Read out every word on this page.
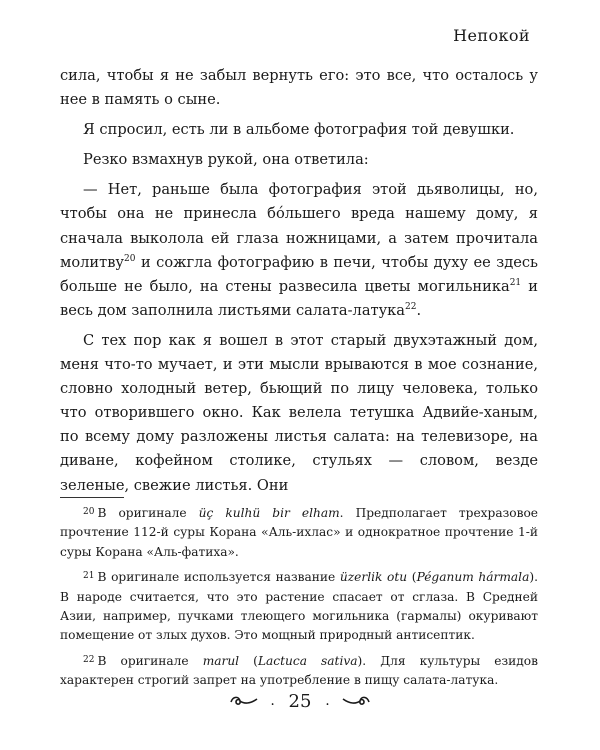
Непокой

сила, чтобы я не забыл вернуть его: это все, что осталось у нее в память о сыне.

Я спросил, есть ли в альбоме фотография той девушки.

Резко взмахнув рукой, она ответила:

— Нет, раньше была фотография этой дьяволицы, но, чтобы она не принесла бóльшего вреда нашему дому, я сначала выколола ей глаза ножницами, а затем прочитала молитву$^{20}$ и сожгла фотографию в печи, чтобы духу ее здесь больше не было, на стены развесила цветы могильника$^{21}$ и весь дом заполнила листьями салата-латука$^{22}$.

С тех пор как я вошел в этот старый двухэтажный дом, меня что-то мучает, и эти мысли врываются в мое сознание, словно холодный ветер, бьющий по лицу человека, только что отворившего окно. Как велела тетушка Адвийе-ханым, по всему дому разложены листья салата: на телевизоре, на диване, кофейном столике, стульях — словом, везде зеленые, свежие листья. Они

$^{20}$ В оригинале üç kulhü bir elham. Предполагает трехразовое прочтение 112-й суры Корана «Аль-ихлас» и однократное прочтение 1-й суры Корана «Аль-фатиха».

$^{21}$ В оригинале используется название üzerlik otu (Péganum hármala). В народе считается, что это растение спасает от сглаза. В Средней Азии, например, пучками тлеющего могильника (гармалы) окуривают помещение от злых духов. Это мощный природный антисептик.

$^{22}$ В оригинале marul (Lactuca sativa). Для культуры езидов характерен строгий запрет на употребление в пищу салата-латука.

. 25 .
